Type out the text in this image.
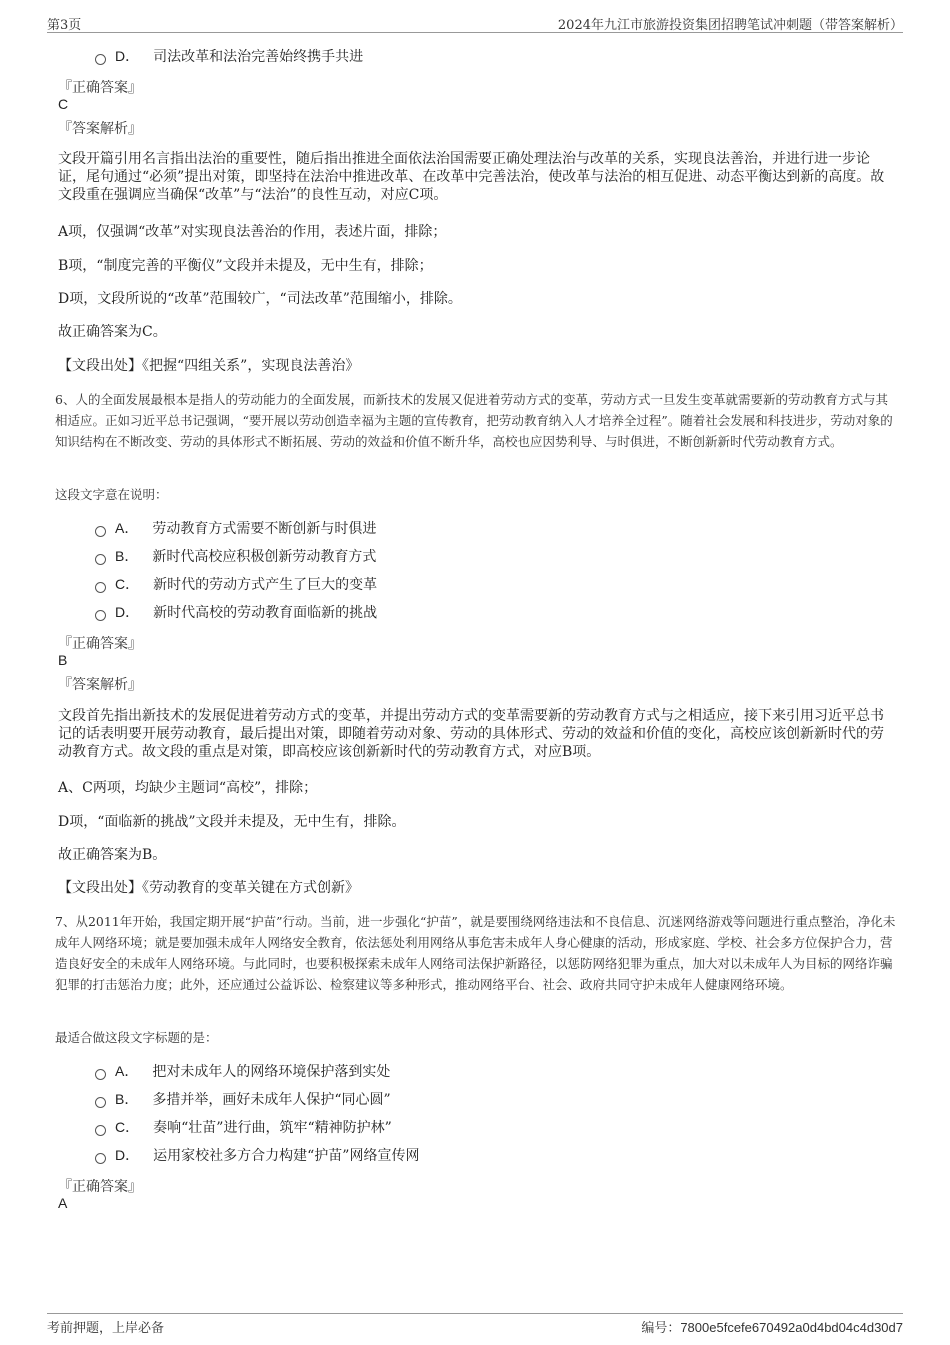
第3页	2024年九江市旅游投资集团招聘笔试冲刺题（带答案解析）
D． 司法改革和法治完善始终携手共进
『正确答案』
C
『答案解析』
文段开篇引用名言指出法治的重要性，随后指出推进全面依法治国需要正确处理法治与改革的关系，实现良法善治，并进行进一步论证，尾句通过“必须”提出对策，即坚持在法治中推进改革、在改革中完善法治，使改革与法治的相互促进、动态平衡达到新的高度。故文段重在强调应当确保“改革”与“法治”的良性互动，对应C项。
A项，仅强调“改革”对实现良法善治的作用，表述片面，排除；
B项，“制度完善的平衡仪”文段并未提及，无中生有，排除；
D项，文段所说的“改革”范围较广，“司法改革”范围缩小，排除。
故正确答案为C。
【文段出处】《把握“四组关系”，实现良法善治》
6、人的全面发展最根本是指人的劳动能力的全面发展，而新技术的发展又促进着劳动方式的变革，劳动方式一旦发生变革就需要新的劳动教育方式与其相适应。正如习近平总书记强调，“要开展以劳动创造幸福为主题的宣传教育，把劳动教育纳入人才培养全过程”。随着社会发展和科技进步，劳动对象的知识结构在不断改变、劳动的具体形式不断拓展、劳动的效益和价值不断升华，高校也应因势利导、与时俱进，不断创新新时代劳动教育方式。
这段文字意在说明：
A． 劳动教育方式需要不断创新与时俱进
B． 新时代高校应积极创新劳动教育方式
C． 新时代的劳动方式产生了巨大的变革
D． 新时代高校的劳动教育面临新的挑战
『正确答案』
B
『答案解析』
文段首先指出新技术的发展促进着劳动方式的变革，并提出劳动方式的变革需要新的劳动教育方式与之相适应，接下来引用习近平总书记的话表明要开展劳动教育，最后提出对策，即随着劳动对象、劳动的具体形式、劳动的效益和价值的变化，高校应该创新新时代的劳动教育方式。故文段的重点是对策，即高校应该创新新时代的劳动教育方式，对应B项。
A、C两项，均缺少主题词“高校”，排除；
D项，“面临新的挑战”文段并未提及，无中生有，排除。
故正确答案为B。
【文段出处】《劳动教育的变革关键在方式创新》
7、从2011年开始，我国定期开展“护苗”行动。当前，进一步强化“护苗”，就是要围绕网络违法和不良信息、沉迷网络游戏等问题进行重点整治，净化未成年人网络环境；就是要加强未成年人网络安全教育，依法惩处利用网络从事危害未成年人身心健康的活动，形成家庭、学校、社会多方位保护合力，营造良好安全的未成年人网络环境。与此同时，也要积极探索未成年人网络司法保护新路径，以惩防网络犯罪为重点，加大对以未成年人为目标的网络诈骗犯罪的打击惩治力度；此外，还应通过公益诉讼、检察建议等多种形式，推动网络平台、社会、政府共同守护未成年人健康网络环境。
最适合做这段文字标题的是：
A． 把对未成年人的网络环境保护落到实处
B． 多措并举，画好未成年人保护“同心圆”
C． 奏响“壮苗”进行曲，筑牢“精神防护林”
D． 运用家校社多方合力构建“护苗”网络宣传网
『正确答案』
A
考前押题，上岸必备	编号：7800e5fcefe670492a0d4bd04c4d30d7
